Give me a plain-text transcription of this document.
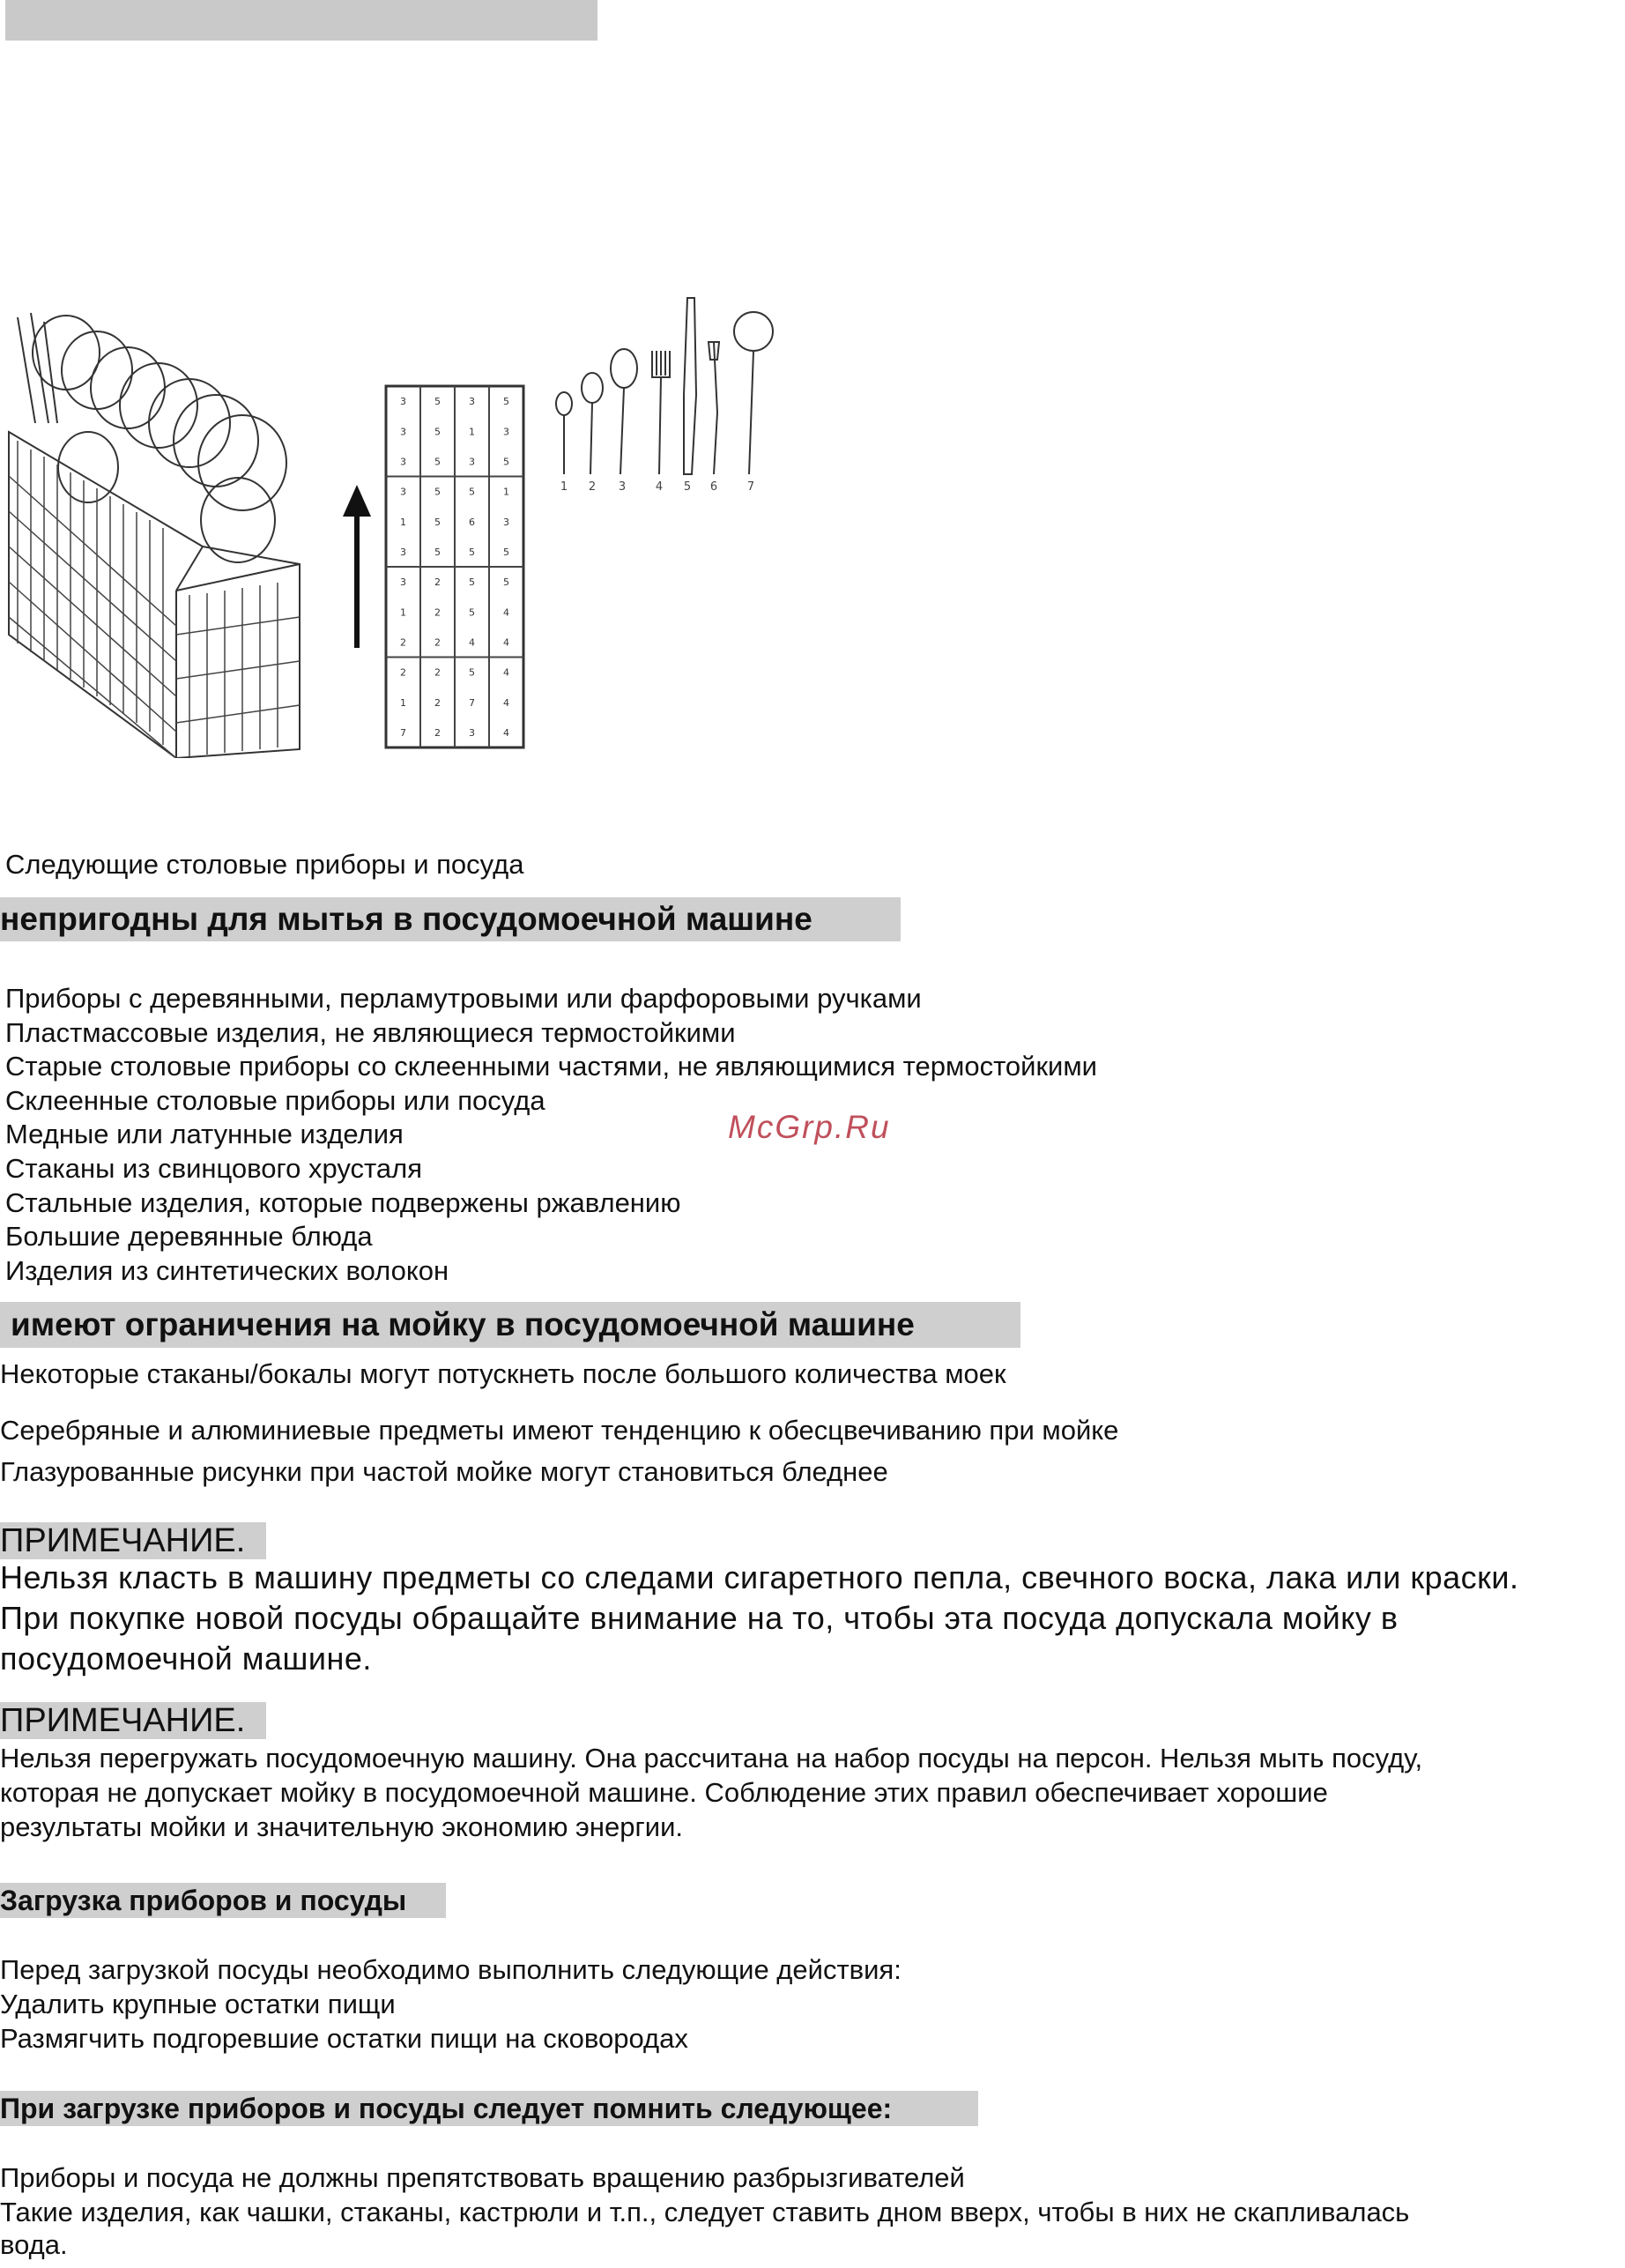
3	5	3	5
3	5	1	3
3	5	3	5
3	5	5	1
1	5	6	3
3	5	5	5
3	2	5	5
1	2	5	4
2	2	4	4
2	2	5	4
1	2	7	4
7	2	3	4
1 2 3	4 5 6	7
McGrp.Ru
Следующие столовые приборы и посуда
непригодны для мытья в посудомоечной машине
Приборы с деревянными, перламутровыми или фарфоровыми ручками
Пластмассовые изделия, не являющиеся термостойкими
Старые столовые приборы со склеенными частями, не являющимися термостойкими
Склеенные столовые приборы или посуда
Медные или латунные изделия
Стаканы из свинцового хрусталя
Стальные изделия, которые подвержены ржавлению
Большие деревянные блюда
Изделия из синтетических волокон
имеют ограничения на мойку в посудомоечной машине
Некоторые стаканы/бокалы могут потускнеть после большого количества моек
Серебряные и алюминиевые предметы имеют тенденцию к обесцвечиванию при мойке
Глазурованные рисунки при частой мойке могут становиться бледнее
ПРИМЕЧАНИЕ.
Нельзя класть в машину предметы со следами сигаретного пепла, свечного воска, лака или краски.
При покупке новой посуды обращайте внимание на то, чтобы эта посуда допускала мойку в
посудомоечной машине.
ПРИМЕЧАНИЕ.
Нельзя перегружать посудомоечную машину. Она рассчитана на набор посуды на персон. Нельзя мыть посуду,
которая не допускает мойку в посудомоечной машине. Соблюдение этих правил обеспечивает хорошие
результаты мойки и значительную экономию энергии.
Загрузка приборов и посуды
Перед загрузкой посуды необходимо выполнить следующие действия:
Удалить крупные остатки пищи
Размягчить подгоревшие остатки пищи на сковородах
При загрузке приборов и посуды следует помнить следующее:
Приборы и посуда не должны препятствовать вращению разбрызгивателей
Такие изделия, как чашки, стаканы, кастрюли и т.п., следует ставить дном вверх, чтобы в них не скапливалась
вода.
